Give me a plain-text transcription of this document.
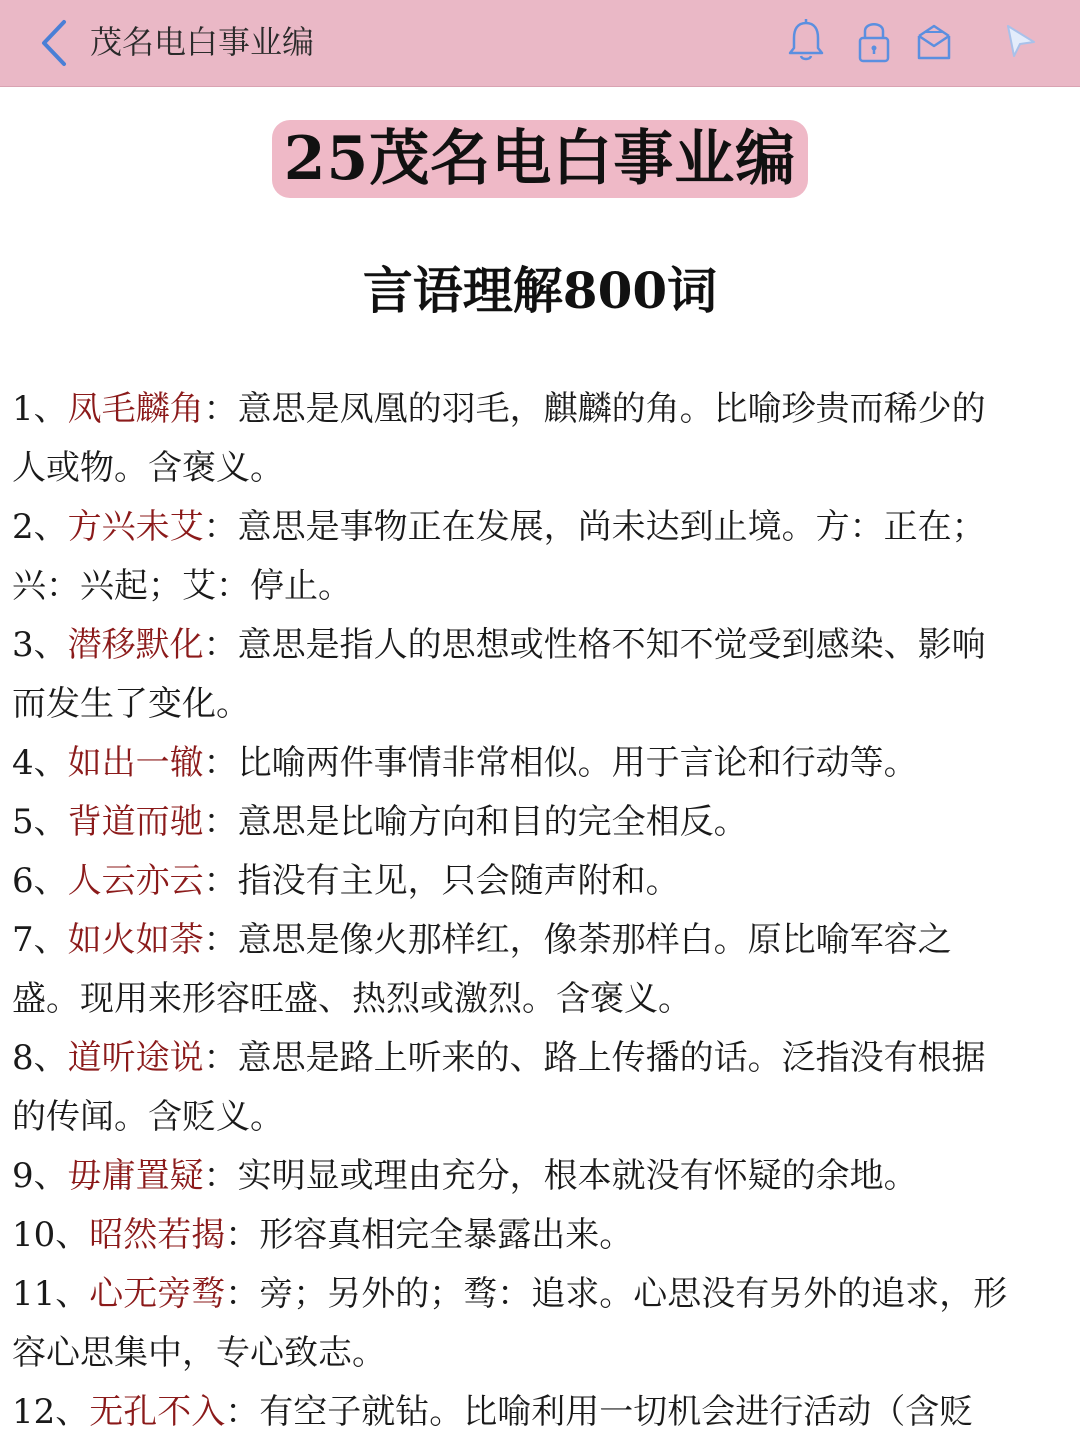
茂名电白事业编
25茂名电白事业编
言语理解800词

1、凤毛麟角：意思是凤凰的羽毛，麒麟的角。比喻珍贵而稀少的人或物。含褒义。

2、方兴未艾：意思是事物正在发展，尚未达到止境。方：正在；兴：兴起；艾：停止。

3、潜移默化：意思是指人的思想或性格不知不觉受到感染、影响而发生了变化。

4、如出一辙：比喻两件事情非常相似。用于言论和行动等。

5、背道而驰：意思是比喻方向和目的完全相反。

6、人云亦云：指没有主见，只会随声附和。

7、如火如荼：意思是像火那样红，像荼那样白。原比喻军容之盛。现用来形容旺盛、热烈或激烈。含褒义。

8、道听途说：意思是路上听来的、路上传播的话。泛指没有根据的传闻。含贬义。

9、毋庸置疑：实明显或理由充分，根本就没有怀疑的余地。

10、昭然若揭：形容真相完全暴露出来。

11、心无旁骛：旁；另外的；骛：追求。心思没有另外的追求，形容心思集中，专心致志。

12、无孔不入：有空子就钻。比喻利用一切机会进行活动（含贬
